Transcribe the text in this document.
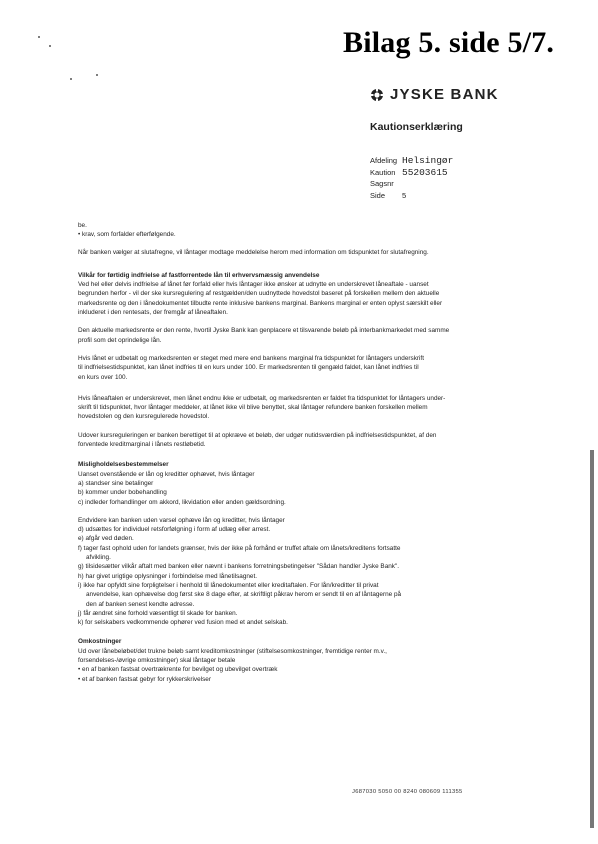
Bilag 5. side 5/7.
JYSKE BANK
Kautionserklæring
Afdeling Helsingør
Kaution 55203615
Sagsnr
Side	5

be.

• krav, som forfalder efterfølgende.

Når banken vælger at slutafregne, vil låntager modtage meddelelse herom med information om tidspunktet for slutafregning.

Vilkår for førtidig indfrielse af fastforrentede lån til erhvervsmæssig anvendelse

Ved hel eller delvis indfrielse af lånet før forfald eller hvis låntager ikke ønsker at udnytte en underskrevet låneaftale - uanset

begrunden herfor - vil der ske kursregulering af restgælden/den uudnyttede hovedstol baseret på forskellen mellem den aktuelle

markedsrente og den i lånedokumentet tilbudte rente inklusive bankens marginal. Bankens marginal er enten oplyst særskilt eller

inkluderet i den rentesats, der fremgår af låneaftalen.

Den aktuelle markedsrente er den rente, hvortil Jyske Bank kan genplacere et tilsvarende beløb på interbankmarkedet med samme

profil som det oprindelige lån.

Hvis lånet er udbetalt og markedsrenten er steget med mere end bankens marginal fra tidspunktet for låntagers underskrift

til indfrielsestidspunktet, kan lånet indfries til en kurs under 100. Er markedsrenten til gengæld faldet, kan lånet indfries til

en kurs over 100.

Hvis låneaftalen er underskrevet, men lånet endnu ikke er udbetalt, og markedsrenten er faldet fra tidspunktet for låntagers under-

skrift til tidspunktet, hvor låntager meddeler, at lånet ikke vil blive benyttet, skal låntager refundere banken forskellen mellem

hovedstolen og den kursregulerede hovedstol.

Udover kursreguleringen er banken berettiget til at opkræve et beløb, der udgør nutidsværdien på indfrielsestidspunktet, af den

forventede kreditmarginal i lånets restløbetid.

Misligholdelsesbestemmelser

Uanset ovenstående er lån og kreditter ophævet, hvis låntager

a) standser sine betalinger

b) kommer under bobehandling

c) indleder forhandlinger om akkord, likvidation eller anden gældsordning.

Endvidere kan banken uden varsel ophæve lån og kreditter, hvis låntager

d) udsættes for individuel retsforfølgning i form af udlæg eller arrest.

e) afgår ved døden.

f) tager fast ophold uden for landets grænser, hvis der ikke på forhånd er truffet aftale om lånets/kreditens fortsatte

afvikling.

g) tilsidesætter vilkår aftalt med banken eller nævnt i bankens forretningsbetingelser "Sådan handler Jyske Bank".

h) har givet urigtige oplysninger i forbindelse med lånetilsagnet.

i) ikke har opfyldt sine forpligtelser i henhold til lånedokumentet eller kreditaftalen. For lån/kreditter til privat

anvendelse, kan ophævelse dog først ske 8 dage efter, at skriftligt påkrav herom er sendt til en af låntagerne på

den af banken senest kendte adresse.

j) får ændret sine forhold væsentligt til skade for banken.

k) for selskabers vedkommende ophører ved fusion med et andet selskab.

Omkostninger

Ud over lånebeløbet/det trukne beløb samt kreditomkostninger (stiftelsesomkostninger, fremtidige renter m.v.,

forsendelses-/øvrige omkostninger) skal låntager betale

• en af banken fastsat overtrækrente for bevilget og ubevilget overtræk

• et af banken fastsat gebyr for rykkerskrivelser

J687030 5050 00 8240 080609 111355
